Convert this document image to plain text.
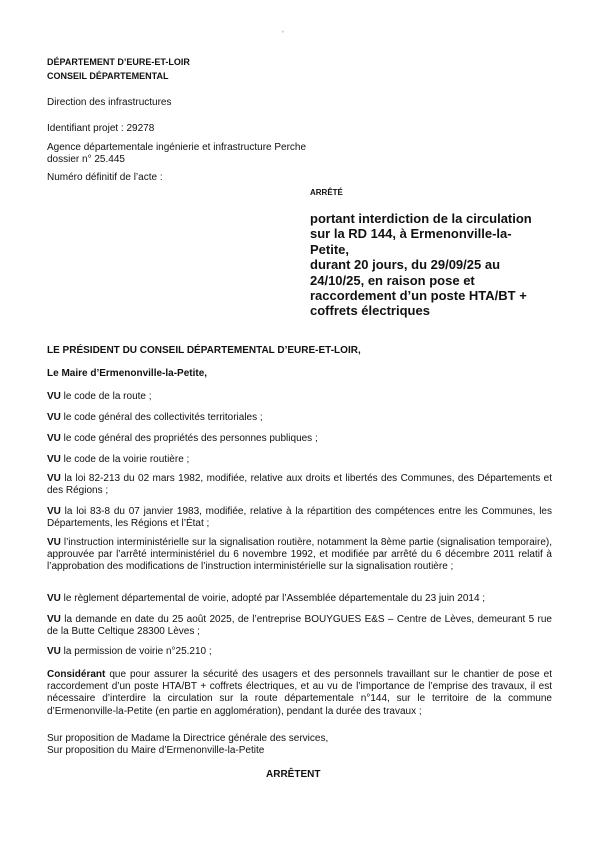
ʼ
DÉPARTEMENT D’EURE-ET-LOIR
CONSEIL DÉPARTEMENTAL
Direction des infrastructures
Identifiant projet : 29278
Agence départementale ingénierie et infrastructure Perche
dossier n° 25.445
Numéro définitif de l’acte :
ARRÊTÉ
portant interdiction de la circulation
sur la RD 144, à Ermenonville-la-
Petite,
durant 20 jours, du 29/09/25 au
24/10/25, en raison pose et
raccordement d’un poste HTA/BT +
coffrets électriques
LE PRÉSIDENT DU CONSEIL DÉPARTEMENTAL D’EURE-ET-LOIR,
Le Maire d’Ermenonville-la-Petite,
VU le code de la route ;
VU le code général des collectivités territoriales ;
VU le code général des propriétés des personnes publiques ;
VU le code de la voirie routière ;
VU la loi 82-213 du 02 mars 1982, modifiée, relative aux droits et libertés des Communes, des Départements et des Régions ;
VU la loi 83-8 du 07 janvier 1983, modifiée, relative à la répartition des compétences entre les Communes, les Départements, les Régions et l’État ;
VU l’instruction interministérielle sur la signalisation routière, notamment la 8ème partie (signalisation temporaire), approuvée par l’arrêté interministériel du 6 novembre 1992, et modifiée par arrêté du 6 décembre 2011 relatif à l’approbation des modifications de l’instruction interministérielle sur la signalisation routière ;
VU le règlement départemental de voirie, adopté par l’Assemblée départementale du 23 juin 2014 ;
VU la demande en date du 25 août 2025, de l’entreprise BOUYGUES E&S – Centre de Lèves, demeurant 5 rue de la Butte Celtique 28300 Lèves ;
VU la permission de voirie n°25.210 ;
Considérant que pour assurer la sécurité des usagers et des personnels travaillant sur le chantier de pose et raccordement d’un poste HTA/BT + coffrets électriques, et au vu de l’importance de l’emprise des travaux, il est nécessaire d’interdire la circulation sur la route départementale n°144, sur le territoire de la commune d’Ermenonville-la-Petite (en partie en agglomération), pendant la durée des travaux ;
Sur proposition de Madame la Directrice générale des services,
Sur proposition du Maire d’Ermenonville-la-Petite
ARRÊTENT
